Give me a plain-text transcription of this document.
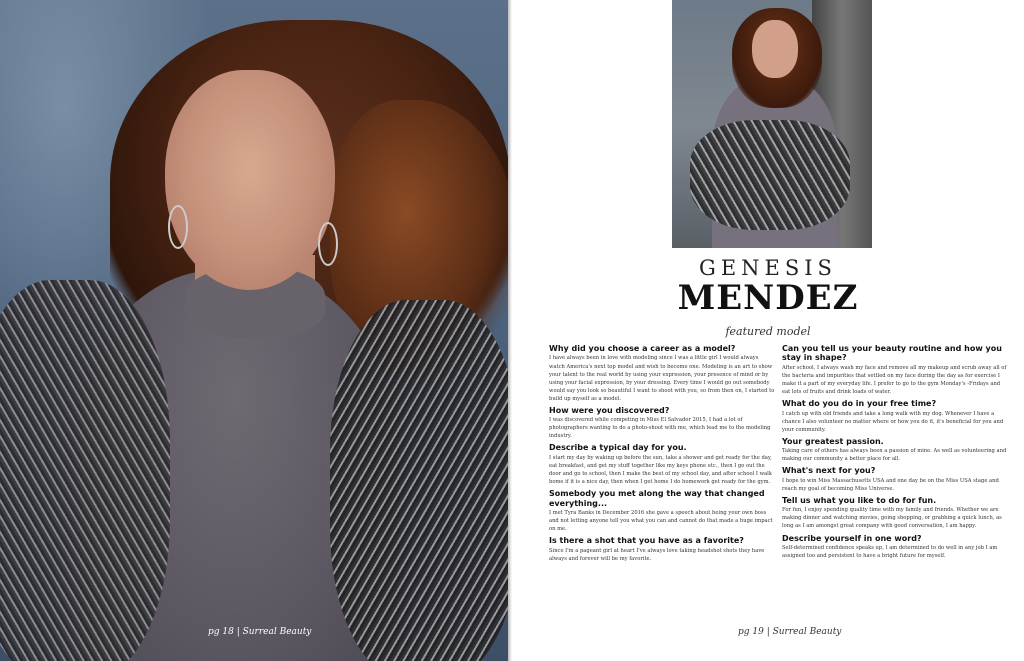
pg 18 | Surreal Beauty
GENESIS
MENDEZ
featured model
Why did you choose a career as a model?

I have always been in love with modeling since I was a little girl I would always watch America's next top model and wish to become one. Modeling is an art to show your talent to the real world by using your expression, your presence of mind or by using your facial expression, by your dressing. Every time I would go out somebody would say you look so beautiful I want to shoot with you, so from then on, I started to build up myself as a model.

How were you discovered?

I was discovered while competing in Miss El Salvador 2015, I had a lot of photographers wanting to do a photo-shoot with me, which lead me to the modeling industry.

Describe a typical day for you.

I start my day by waking up before the sun, take a shower and get ready for the day, eat breakfast, and get my stuff together like my keys phone etc., then I go out the door and go to school, then I make the best of my school day, and after school I walk home if it is a nice day, then when I get home I do homework get ready for the gym.

Somebody you met along the way that changed everything...

I met Tyra Banks in December 2016 she gave a speech about being your own boss and not letting anyone tell you what you can and cannot do that made a huge impact on me.

Is there a shot that you have as a favorite?

Since I'm a pageant girl at heart I've always love taking headshot shots they have always and forever will be my favorite.

Can you tell us your beauty routine and how you stay in shape?

After school, I always wash my face and remove all my makeup and scrub away all of the bacteria and impurities that settled on my face during the day as for exercise I make it a part of my everyday life. I prefer to go to the gym Monday's -Fridays and eat lots of fruits and drink loads of water.

What do you do in your free time?

I catch up with old friends and take a long walk with my dog. Whenever I have a chance I also volunteer no matter where or how you do it, it's beneficial for you and your community.

Your greatest passion.

Taking care of others has always been a passion of mine. As well as volunteering and making our community a better place for all.

What's next for you?

I hope to win Miss Massachusetts USA and one day be on the Miss USA stage and reach my goal of becoming Miss Universe.

Tell us what you like to do for fun.

For fun, I enjoy spending quality time with my family and friends. Whether we are making dinner and watching movies, going shopping, or grabbing a quick lunch, as long as I am amongst great company with good conversation, I am happy.

Describe yourself in one word?

Self-determined confidence speaks up, I am determined to do well in any job I am assigned too and persistent to have a bright future for myself.

pg 19 | Surreal Beauty
